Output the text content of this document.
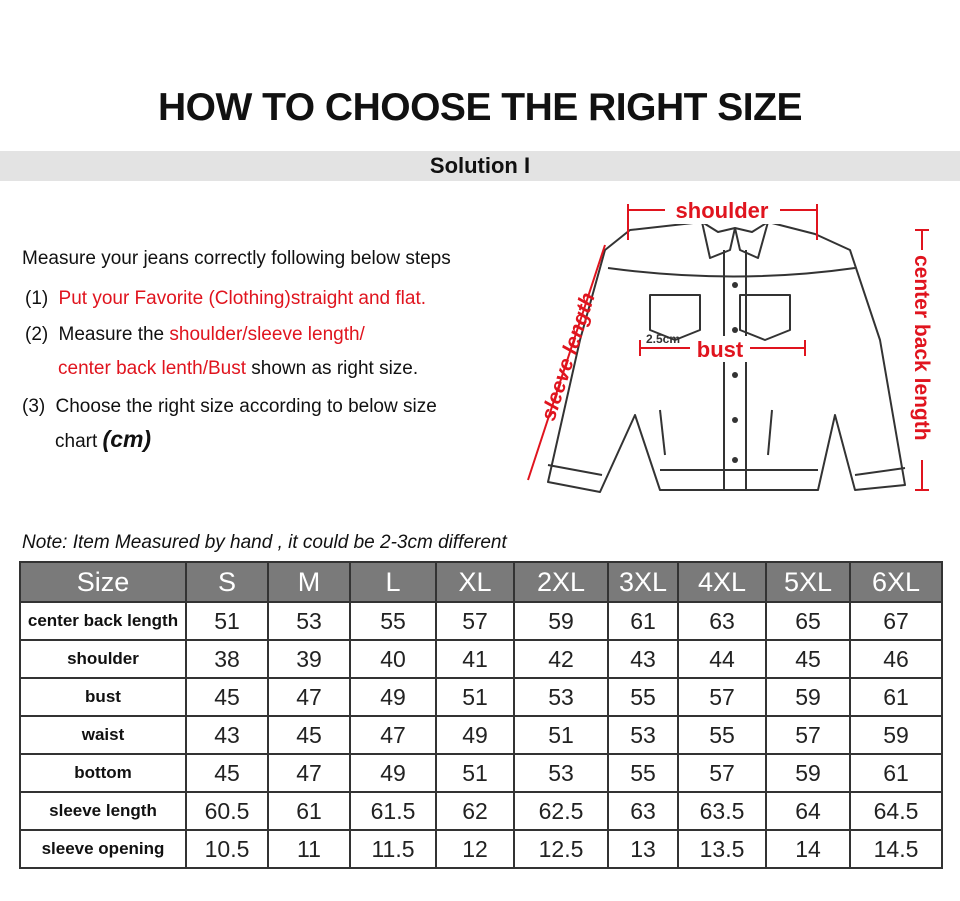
HOW TO CHOOSE THE RIGHT SIZE
Solution I
Measure your jeans correctly following below steps
(1) Put your Favorite (Clothing)straight and flat.
(2) Measure the shoulder/sleeve length/
center back lenth/Bust shown as right size.
(3) Choose the right size according to below size
chart (cm)
shoulder
bust
2.5cm	center back length
sleeve length
Note: Item Measured by hand , it could be 2-3cm different
Size	S	M	L	XL	2XL	3XL	4XL	5XL	6XL
center back length	51	53	55	57	59	61	63	65	67
shoulder	38	39	40	41	42	43	44	45	46
bust	45	47	49	51	53	55	57	59	61
waist	43	45	47	49	51	53	55	57	59
bottom	45	47	49	51	53	55	57	59	61
sleeve length	60.5	61	61.5	62	62.5	63	63.5	64	64.5
sleeve opening	10.5	11	11.5	12	12.5	13	13.5	14	14.5
